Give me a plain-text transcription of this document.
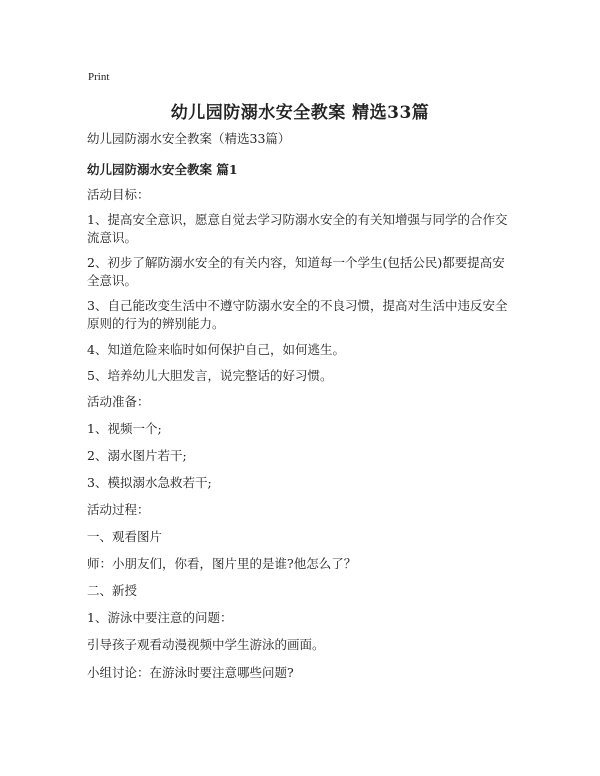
Print
幼儿园防溺水安全教案 精选33篇
幼儿园防溺水安全教案（精选33篇）
幼儿园防溺水安全教案 篇1
活动目标：
1、提高安全意识，愿意自觉去学习防溺水安全的有关知增强与同学的合作交流意识。
2、初步了解防溺水安全的有关内容，知道每一个学生(包括公民)都要提高安全意识。
3、自己能改变生活中不遵守防溺水安全的不良习惯，提高对生活中违反安全原则的行为的辨别能力。
4、知道危险来临时如何保护自己，如何逃生。
5、培养幼儿大胆发言，说完整话的好习惯。
活动准备：
1、视频一个;
2、溺水图片若干;
3、模拟溺水急救若干;
活动过程：
一、观看图片
师：小朋友们，你看，图片里的是谁?他怎么了？
二、新授
1、游泳中要注意的问题：
引导孩子观看动漫视频中学生游泳的画面。
小组讨论：在游泳时要注意哪些问题?
